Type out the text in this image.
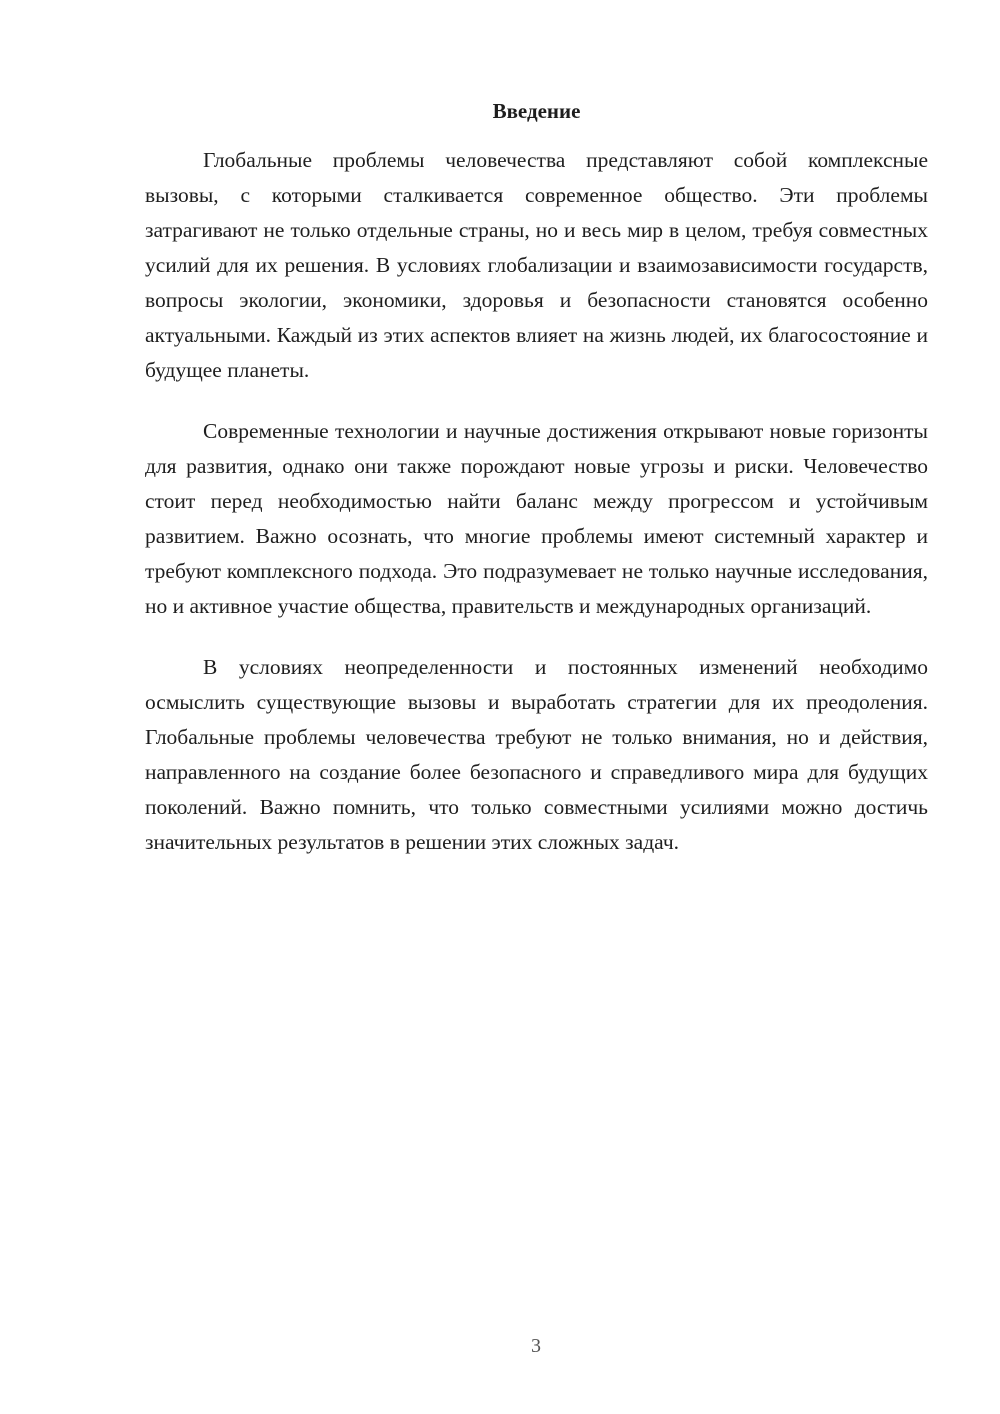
Введение

Глобальные проблемы человечества представляют собой комплексные вызовы, с которыми сталкивается современное общество. Эти проблемы затрагивают не только отдельные страны, но и весь мир в целом, требуя совместных усилий для их решения. В условиях глобализации и взаимозависимости государств, вопросы экологии, экономики, здоровья и безопасности становятся особенно актуальными. Каждый из этих аспектов влияет на жизнь людей, их благосостояние и будущее планеты.

Современные технологии и научные достижения открывают новые горизонты для развития, однако они также порождают новые угрозы и риски. Человечество стоит перед необходимостью найти баланс между прогрессом и устойчивым развитием. Важно осознать, что многие проблемы имеют системный характер и требуют комплексного подхода. Это подразумевает не только научные исследования, но и активное участие общества, правительств и международных организаций.

В условиях неопределенности и постоянных изменений необходимо осмыслить существующие вызовы и выработать стратегии для их преодоления. Глобальные проблемы человечества требуют не только внимания, но и действия, направленного на создание более безопасного и справедливого мира для будущих поколений. Важно помнить, что только совместными усилиями можно достичь значительных результатов в решении этих сложных задач.

3
